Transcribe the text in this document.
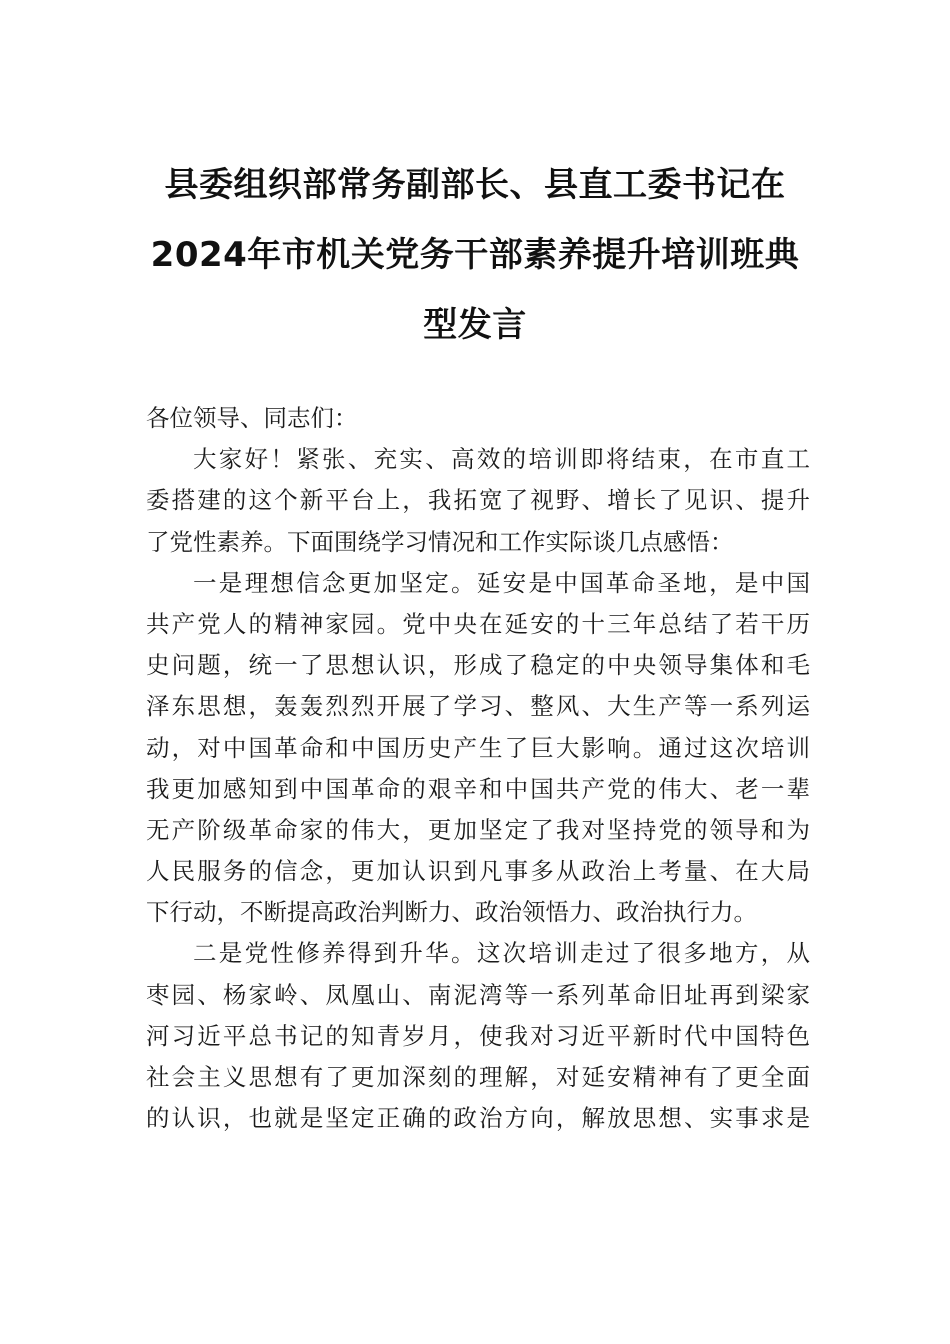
县委组织部常务副部长、县直工委书记在
2024年市机关党务干部素养提升培训班典
型发言
各位领导、同志们：
大家好！紧张、充实、高效的培训即将结束，在市直工
委搭建的这个新平台上，我拓宽了视野、增长了见识、提升
了党性素养。下面围绕学习情况和工作实际谈几点感悟：
一是理想信念更加坚定。延安是中国革命圣地，是中国
共产党人的精神家园。党中央在延安的十三年总结了若干历
史问题，统一了思想认识，形成了稳定的中央领导集体和毛
泽东思想，轰轰烈烈开展了学习、整风、大生产等一系列运
动，对中国革命和中国历史产生了巨大影响。通过这次培训
我更加感知到中国革命的艰辛和中国共产党的伟大、老一辈
无产阶级革命家的伟大，更加坚定了我对坚持党的领导和为
人民服务的信念，更加认识到凡事多从政治上考量、在大局
下行动，不断提高政治判断力、政治领悟力、政治执行力。
二是党性修养得到升华。这次培训走过了很多地方，从
枣园、杨家岭、凤凰山、南泥湾等一系列革命旧址再到梁家
河习近平总书记的知青岁月，使我对习近平新时代中国特色
社会主义思想有了更加深刻的理解，对延安精神有了更全面
的认识，也就是坚定正确的政治方向，解放思想、实事求是
